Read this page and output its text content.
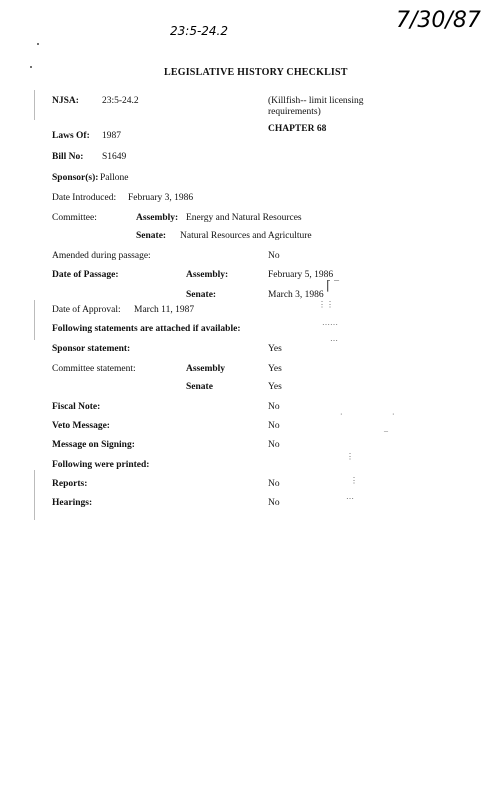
23:5-24.2	7/30/87
LEGISLATIVE HISTORY CHECKLIST
NJSA: 23:5-24.2	(Killfish-- limit licensing requirements)
CHAPTER 68
Laws Of: 1987
Bill No: S1649
Sponsor(s): Pallone
Date Introduced: February 3, 1986
Committee:	Assembly: Energy and Natural Resources
Senate: Natural Resources and Agriculture
Amended during passage:	No
Date of Passage:	Assembly:	February 5, 1986
Senate:	March 3, 1986
‭⌈ ‾
⋮⋮
……
⋯
Date of Approval: March 11, 1987
Following statements are attached if available:
Sponsor statement:	Yes
Committee statement:	Assembly	Yes
Senate	Yes
Fiscal Note:	No
Veto Message:	No
Message on Signing:	No
Following were printed:
Reports:	No
Hearings:	No
‧	‧
–
⋮
⋮
⋯
